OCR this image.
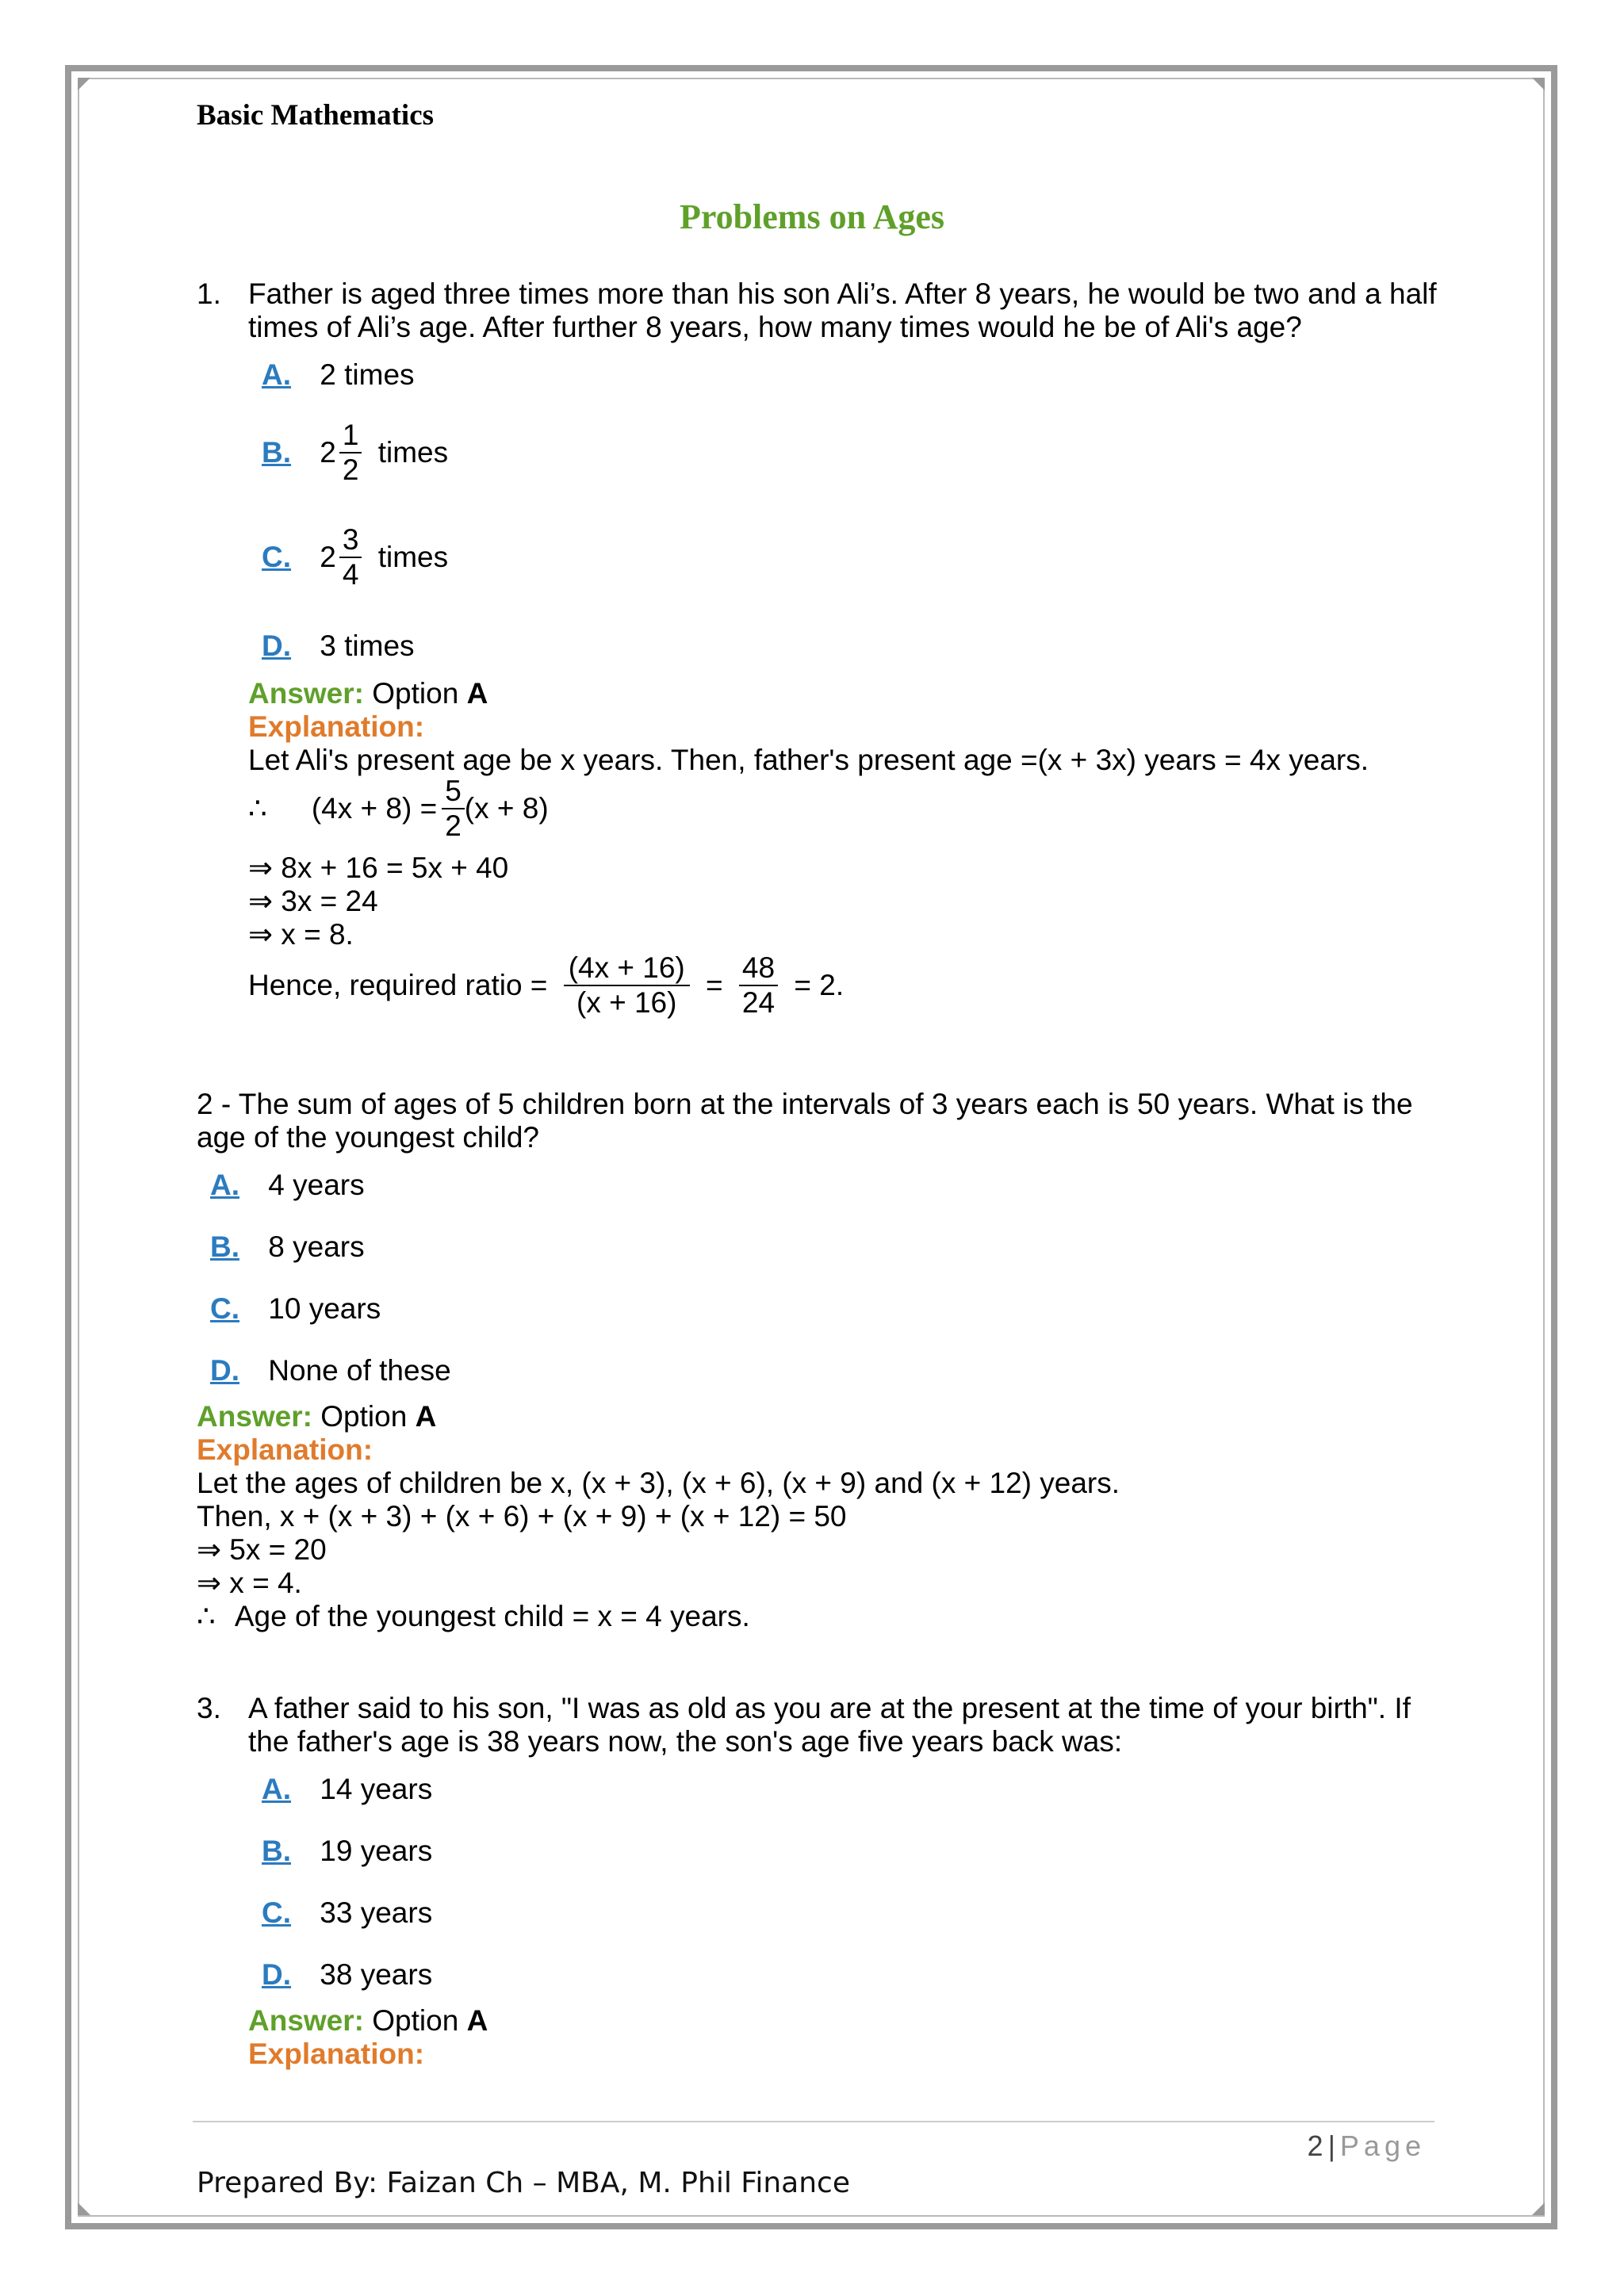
Basic Mathematics
Problems on Ages
1. Father is aged three times more than his son Ali’s. After 8 years, he would be two and a half
times of Ali’s age. After further 8 years, how many times would he be of Ali's age?
A. 2 times
B. $2 \frac{1}{2}$ times
C. $2 \frac{3}{4}$ times
D. 3 times
Answer: Option A
Explanation:
Let Ali's present age be x years. Then, father's present age =(x + 3x) years = 4x years.
∴ $(4x + 8) = \frac{5}{2} (x + 8)$
⇒ 8x + 16 = 5x + 40
⇒ 3x = 24
⇒ x = 8.
Hence, required ratio = $\frac{(4x + 16)}{(x + 16)} = \frac{48}{24} = 2$.
2 - The sum of ages of 5 children born at the intervals of 3 years each is 50 years. What is the
age of the youngest child?
A. 4 years
B. 8 years
C. 10 years
D. None of these
Answer: Option A
Explanation:
Let the ages of children be x, (x + 3), (x + 6), (x + 9) and (x + 12) years.
Then, x + (x + 3) + (x + 6) + (x + 9) + (x + 12) = 50
⇒ 5x = 20
⇒ x = 4.
∴ Age of the youngest child = x = 4 years.
3. A father said to his son, "I was as old as you are at the present at the time of your birth". If
the father's age is 38 years now, the son's age five years back was:
A. 14 years
B. 19 years
C. 33 years
D. 38 years
Answer: Option A
Explanation:
2 | Page
Prepared By: Faizan Ch – MBA, M. Phil Finance
